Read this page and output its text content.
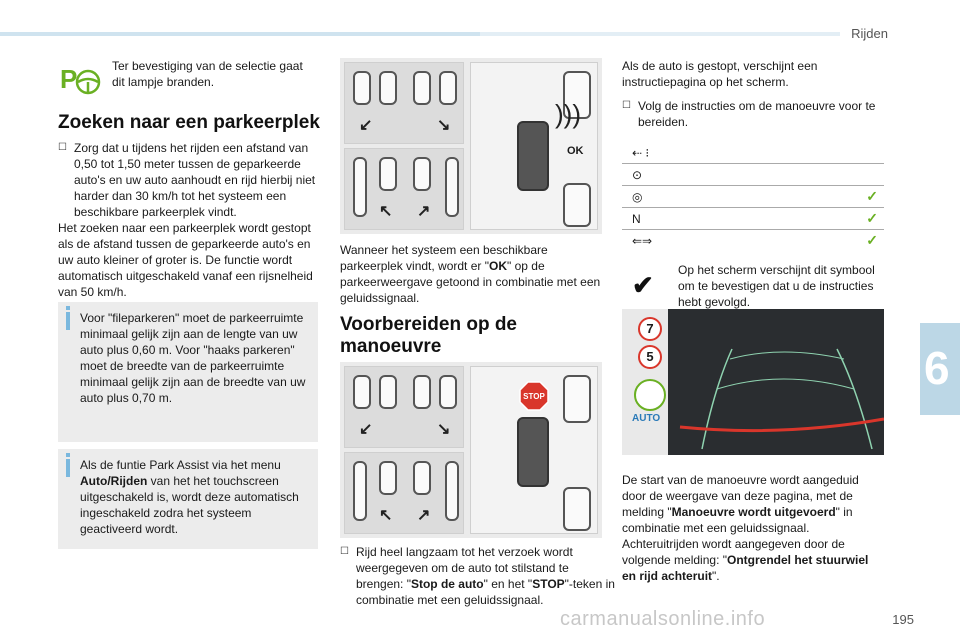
Rijden
6
P	Ter bevestiging van de selectie gaat dit lampje branden.
Zoeken naar een parkeerplek
☐ Zorg dat u tijdens het rijden een afstand van 0,50 tot 1,50 meter tussen de geparkeerde auto's en uw auto aanhoudt en rijd hierbij niet harder dan 30 km/h tot het systeem een beschikbare parkeerplek vindt.
Het zoeken naar een parkeerplek wordt gestopt als de afstand tussen de geparkeerde auto's en uw auto kleiner of groter is. De functie wordt automatisch uitgeschakeld vanaf een rijsnelheid van 50 km/h.
Voor "fileparkeren" moet de parkeerruimte minimaal gelijk zijn aan de lengte van uw auto plus 0,60 m. Voor "haaks parkeren" moet de breedte van de parkeerruimte minimaal gelijk zijn aan de breedte van uw auto plus 0,70 m.
Als de funtie Park Assist via het menu Auto/Rijden van het het touchscreen uitgeschakeld is, wordt deze automatisch ingeschakeld zodra het systeem geactiveerd wordt.
↙	↘
↖ ↗
)))
OK
Wanneer het systeem een beschikbare parkeerplek vindt, wordt er "OK" op de parkeerweergave getoond in combinatie met een geluidssignaal.
Voorbereiden op de manoeuvre
↙	↘
↖ ↗
STOP
☐ Rijd heel langzaam tot het verzoek wordt weergegeven om de auto tot stilstand te brengen: "Stop de auto" en het "STOP"-teken in combinatie met een geluidssignaal.
Als de auto is gestopt, verschijnt een instructiepagina op het scherm.
☐ Volg de instructies om de manoeuvre voor te bereiden.
⇠ ⁝
⊙
◎	✓
N	✓
⇐⇒	✓
✔ Op het scherm verschijnt dit symbool om te bevestigen dat u de instructies hebt gevolgd.
7
5
AUTO
De start van de manoeuvre wordt aangeduid door de weergave van deze pagina, met de melding "Manoeuvre wordt uitgevoerd" in combinatie met een geluidssignaal.
Achteruitrijden wordt aangegeven door de volgende melding: "Ontgrendel het stuurwiel en rijd achteruit".
carmanualsonline.info	195
